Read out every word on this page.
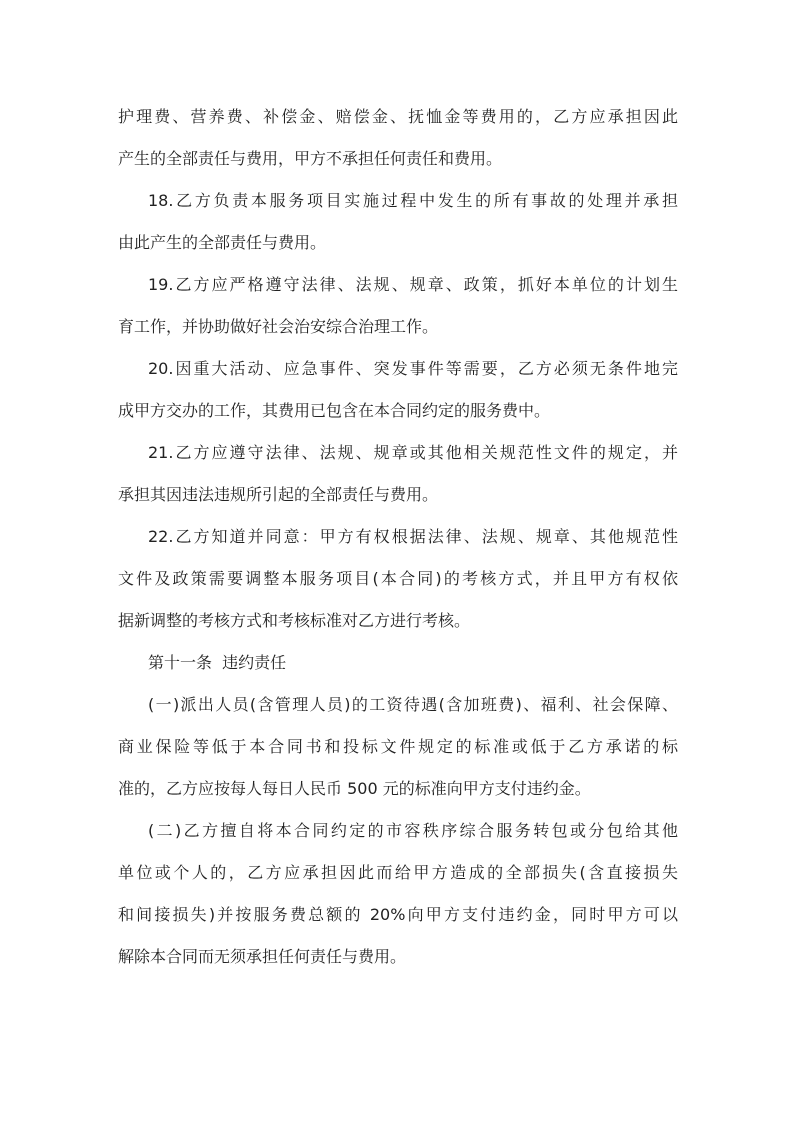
护理费、营养费、补偿金、赔偿金、抚恤金等费用的，乙方应承担因此
产生的全部责任与费用，甲方不承担任何责任和费用。
18.乙方负责本服务项目实施过程中发生的所有事故的处理并承担
由此产生的全部责任与费用。
19.乙方应严格遵守法律、法规、规章、政策，抓好本单位的计划生
育工作，并协助做好社会治安综合治理工作。
20.因重大活动、应急事件、突发事件等需要，乙方必须无条件地完
成甲方交办的工作，其费用已包含在本合同约定的服务费中。
21.乙方应遵守法律、法规、规章或其他相关规范性文件的规定，并
承担其因违法违规所引起的全部责任与费用。
22.乙方知道并同意：甲方有权根据法律、法规、规章、其他规范性
文件及政策需要调整本服务项目(本合同)的考核方式，并且甲方有权依
据新调整的考核方式和考核标准对乙方进行考核。
第十一条  违约责任
(一)派出人员(含管理人员)的工资待遇(含加班费)、福利、社会保障、
商业保险等低于本合同书和投标文件规定的标准或低于乙方承诺的标
准的，乙方应按每人每日人民币 500 元的标准向甲方支付违约金。
(二)乙方擅自将本合同约定的市容秩序综合服务转包或分包给其他
单位或个人的，乙方应承担因此而给甲方造成的全部损失(含直接损失
和间接损失)并按服务费总额的 20%向甲方支付违约金，同时甲方可以
解除本合同而无须承担任何责任与费用。
